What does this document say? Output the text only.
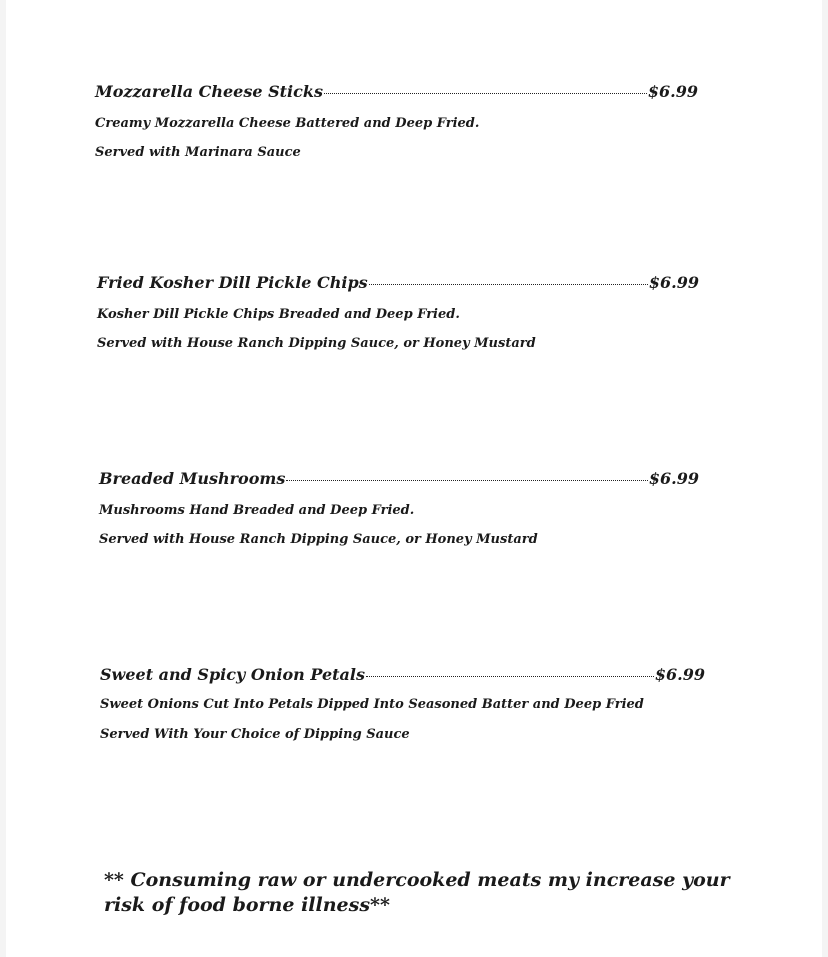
Mozzarella Cheese Sticks	$6.99
Creamy Mozzarella Cheese Battered and Deep Fried.
Served with Marinara Sauce
Fried Kosher Dill Pickle Chips	$6.99
Kosher Dill Pickle Chips Breaded and Deep Fried.
Served with House Ranch Dipping Sauce, or Honey Mustard
Breaded Mushrooms	$6.99
Mushrooms Hand Breaded and Deep Fried.
Served with House Ranch Dipping Sauce, or Honey Mustard
Sweet and Spicy Onion Petals	$6.99
Sweet Onions Cut Into Petals Dipped Into Seasoned Batter and Deep Fried
Served With Your Choice of Dipping Sauce
** Consuming raw or undercooked meats my increase your risk of food borne illness**
